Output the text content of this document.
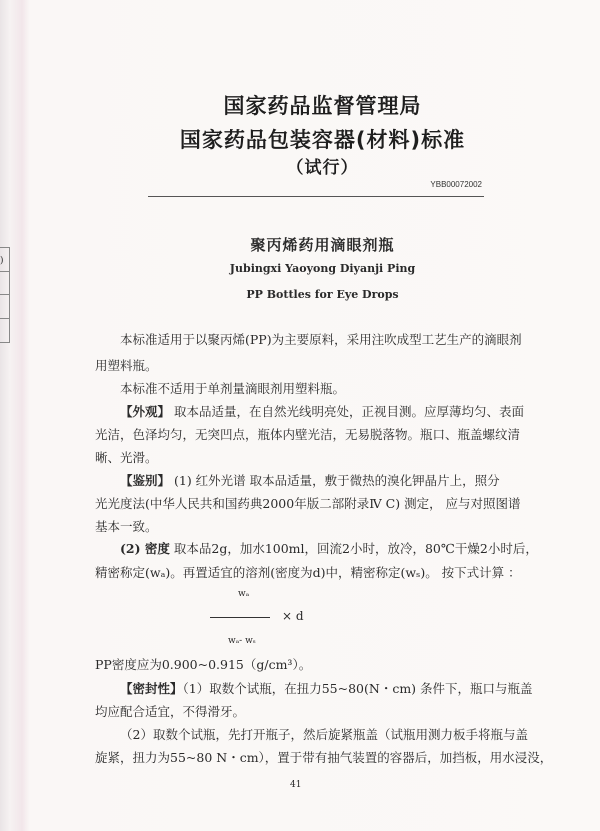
)
国家药品监督管理局
国家药品包装容器(材料)标准
（试行）
YBB00072002
聚丙烯药用滴眼剂瓶
Jubingxi Yaoyong Diyanji Ping
PP Bottles for Eye Drops
本标准适用于以聚丙烯(PP)为主要原料，采用注吹成型工艺生产的滴眼剂
用塑料瓶。
本标准不适用于单剂量滴眼剂用塑料瓶。
【外观】 取本品适量，在自然光线明亮处，正视目测。应厚薄均匀、表面
光洁，色泽均匀，无突凹点，瓶体内壁光洁，无易脱落物。瓶口、瓶盖螺纹清
晰、光滑。
【鉴别】 (1) 红外光谱 取本品适量，敷于微热的溴化钾晶片上，照分
光光度法(中华人民共和国药典2000年版二部附录Ⅳ C) 测定， 应与对照图谱
基本一致。
(2) 密度 取本品2g，加水100ml，回流2小时，放冷，80℃干燥2小时后，
精密称定(wₐ)。再置适宜的溶剂(密度为d)中，精密称定(wₛ)。 按下式计算 ：
wₐ
× d
wₐ- wₛ
PP密度应为0.900~0.915（g/cm³）。
【密封性】（1）取数个试瓶，在扭力55~80(N・cm) 条件下，瓶口与瓶盖
均应配合适宜，不得滑牙。
（2）取数个试瓶，先打开瓶子，然后旋紧瓶盖（试瓶用测力板手将瓶与盖
旋紧，扭力为55~80 N・cm），置于带有抽气装置的容器后，加挡板，用水浸没，
41
